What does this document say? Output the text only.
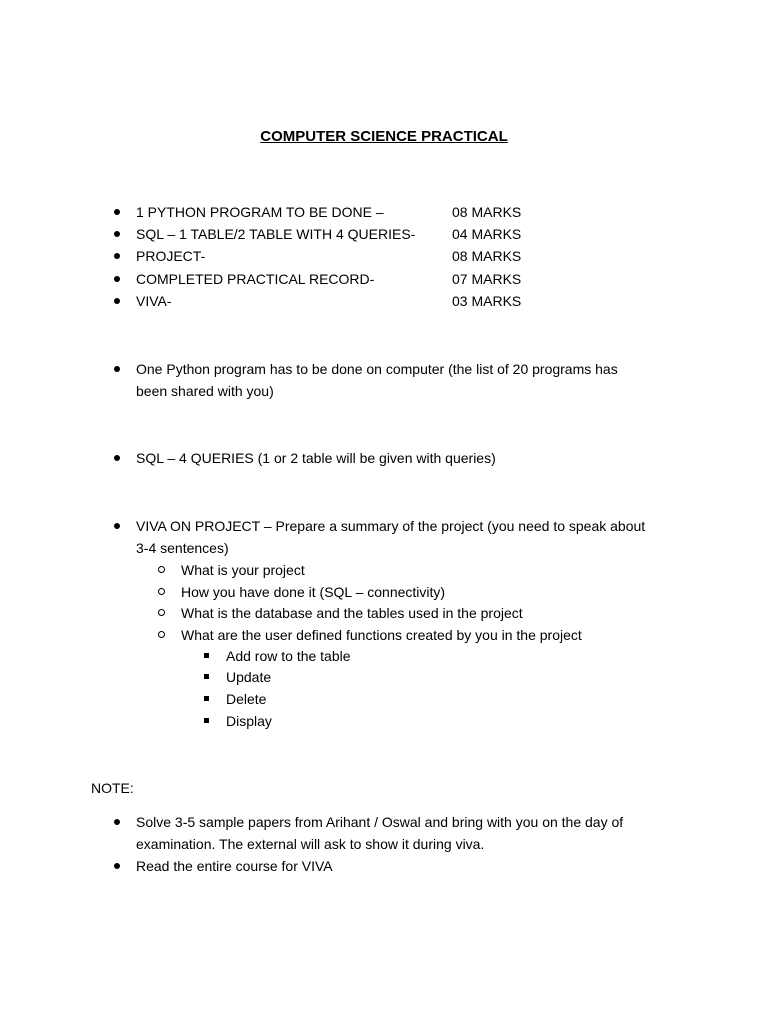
COMPUTER SCIENCE PRACTICAL
1 PYTHON PROGRAM TO BE DONE –	08 MARKS
SQL – 1 TABLE/2 TABLE WITH 4 QUERIES-	04 MARKS
PROJECT-	08 MARKS
COMPLETED PRACTICAL RECORD-	07 MARKS
VIVA-	03 MARKS
One Python program has to be done on computer (the list of 20 programs has
been shared with you)
SQL – 4 QUERIES (1 or 2 table will be given with queries)
VIVA ON PROJECT – Prepare a summary of the project (you need to speak about
3-4 sentences)
What is your project
How you have done it (SQL – connectivity)
What is the database and the tables used in the project
What are the user defined functions created by you in the project
Add row to the table
Update
Delete
Display
NOTE:
Solve 3-5 sample papers from Arihant / Oswal and bring with you on the day of
examination. The external will ask to show it during viva.
Read the entire course for VIVA
